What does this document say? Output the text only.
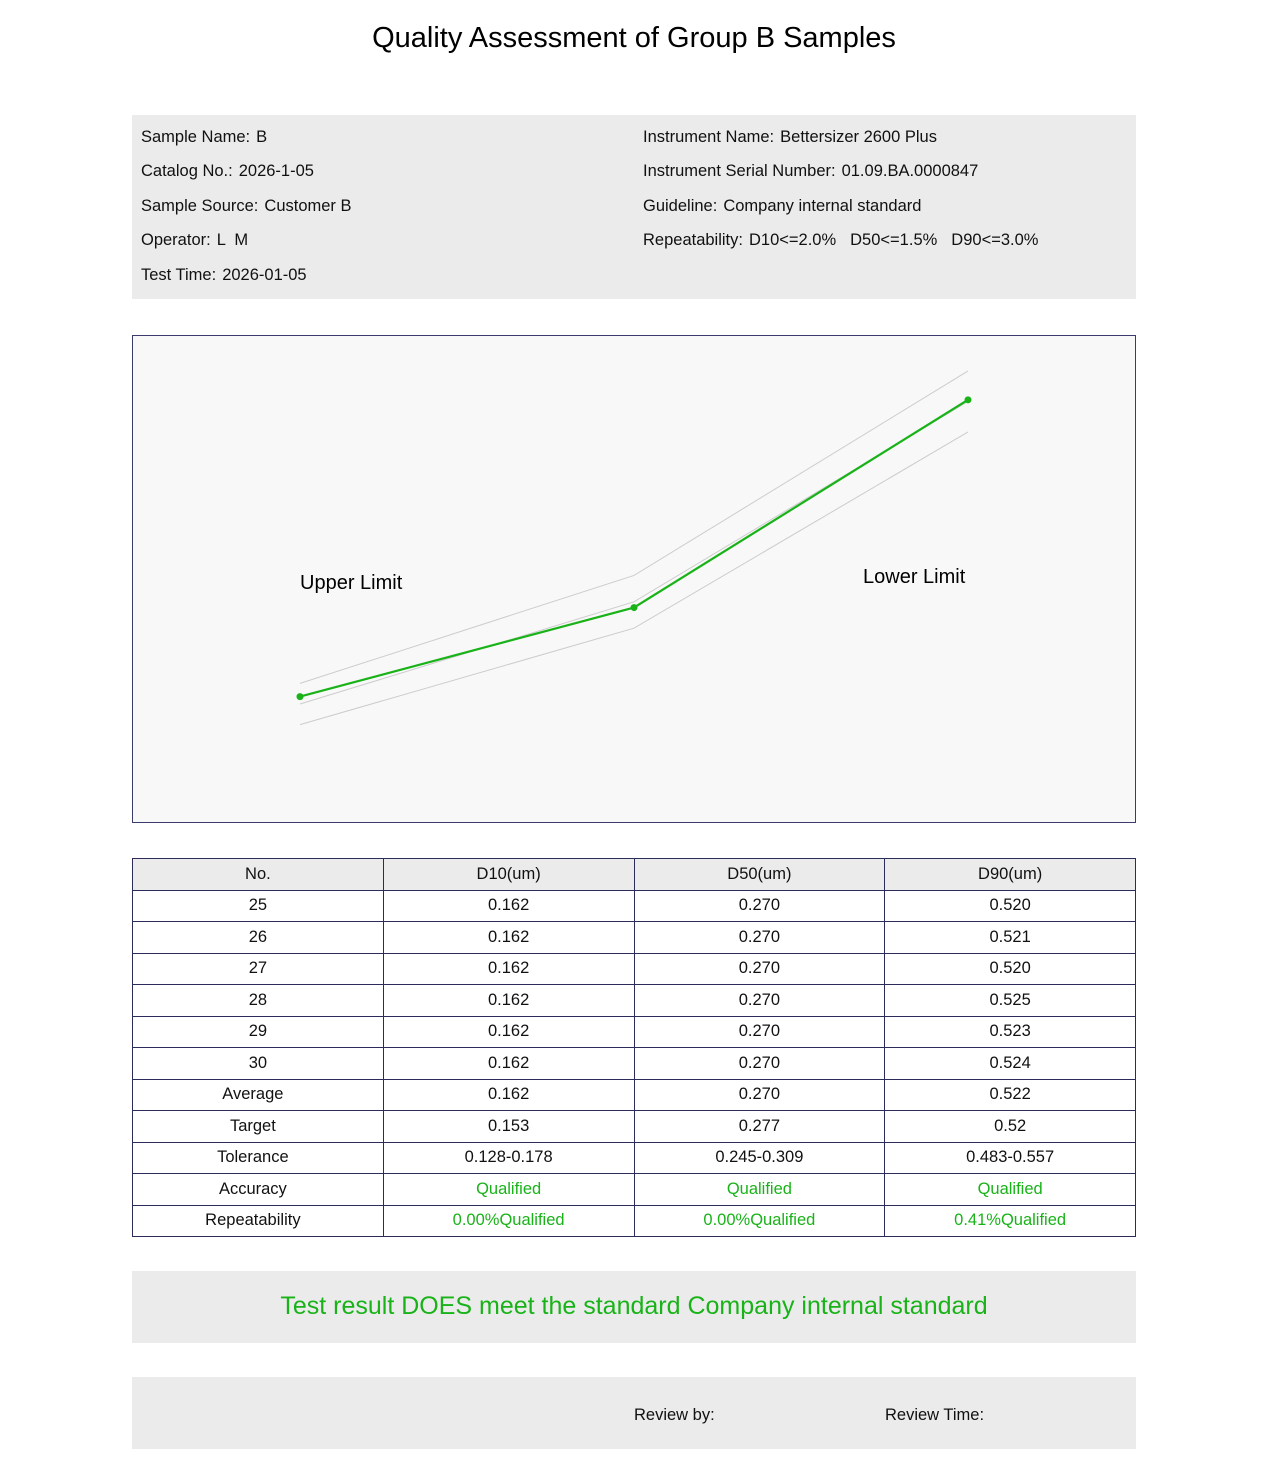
Quality Assessment of Group B Samples
Sample Name: B
Catalog No.: 2026-1-05
Sample Source: Customer B
Operator: L  M
Test Time: 2026-01-05
Instrument Name: Bettersizer 2600 Plus
Instrument Serial Number: 01.09.BA.0000847
Guideline: Company internal standard
Repeatability: D10<=2.0% D50<=1.5% D90<=3.0%
Upper Limit	Lower Limit
No.	D10(um)	D50(um)	D90(um)
25	0.162	0.270	0.520
26	0.162	0.270	0.521
27	0.162	0.270	0.520
28	0.162	0.270	0.525
29	0.162	0.270	0.523
30	0.162	0.270	0.524
Average	0.162	0.270	0.522
Target	0.153	0.277	0.52
Tolerance	0.128-0.178	0.245-0.309	0.483-0.557
Accuracy	Qualified	Qualified	Qualified
Repeatability	0.00%Qualified	0.00%Qualified	0.41%Qualified
Test result DOES meet the standard Company internal standard
Review by:	Review Time:
